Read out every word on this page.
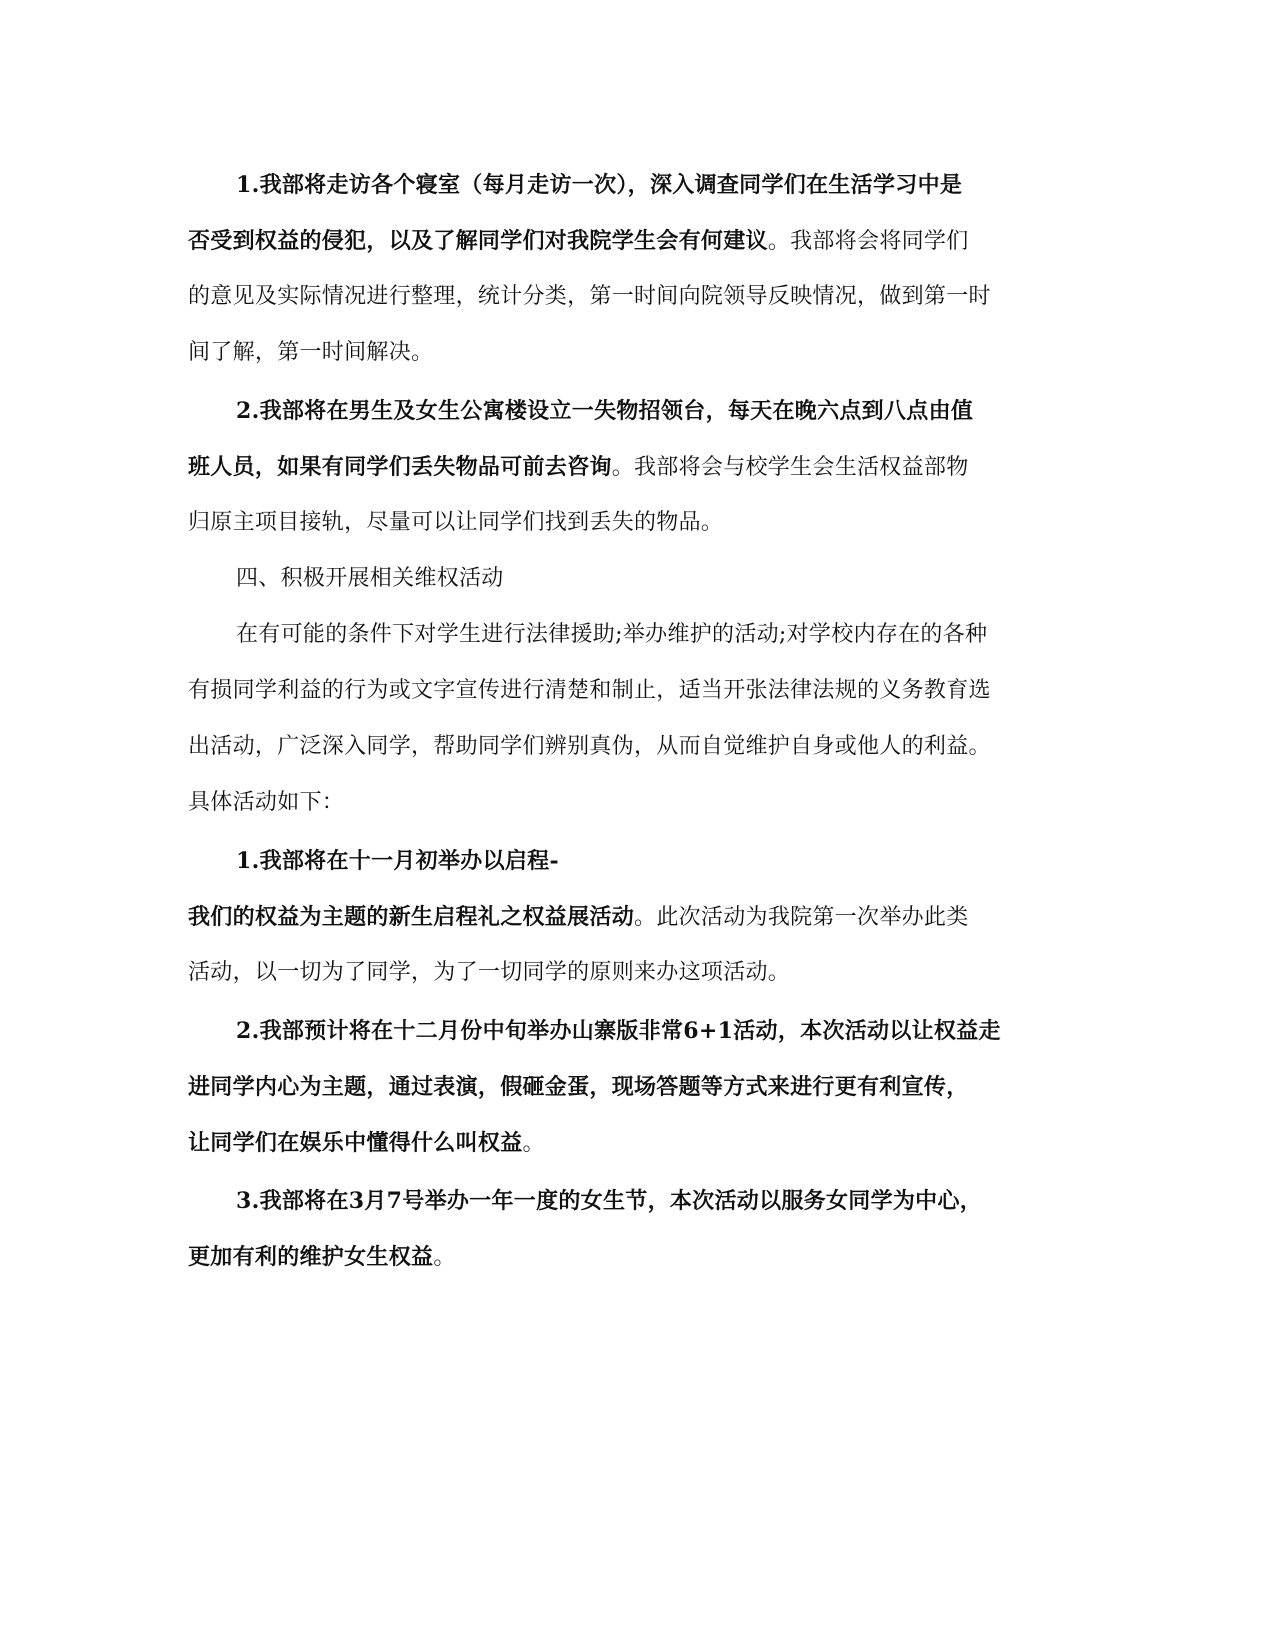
1.我部将走访各个寝室（每月走访一次），深入调查同学们在生活学习中是
否受到权益的侵犯，以及了解同学们对我院学生会有何建议。我部将会将同学们
的意见及实际情况进行整理，统计分类，第一时间向院领导反映情况，做到第一时
间了解，第一时间解决。
2.我部将在男生及女生公寓楼设立一失物招领台，每天在晚六点到八点由值
班人员，如果有同学们丢失物品可前去咨询。我部将会与校学生会生活权益部物
归原主项目接轨，尽量可以让同学们找到丢失的物品。
四、积极开展相关维权活动
在有可能的条件下对学生进行法律援助;举办维护的活动;对学校内存在的各种
有损同学利益的行为或文字宣传进行清楚和制止，适当开张法律法规的义务教育选
出活动，广泛深入同学，帮助同学们辨别真伪，从而自觉维护自身或他人的利益。
具体活动如下：
1.我部将在十一月初举办以启程-
我们的权益为主题的新生启程礼之权益展活动。此次活动为我院第一次举办此类
活动，以一切为了同学，为了一切同学的原则来办这项活动。
2.我部预计将在十二月份中旬举办山寨版非常6+1活动，本次活动以让权益走
进同学内心为主题，通过表演，假砸金蛋，现场答题等方式来进行更有利宣传，
让同学们在娱乐中懂得什么叫权益。
3.我部将在3月7号举办一年一度的女生节，本次活动以服务女同学为中心，
更加有利的维护女生权益。
